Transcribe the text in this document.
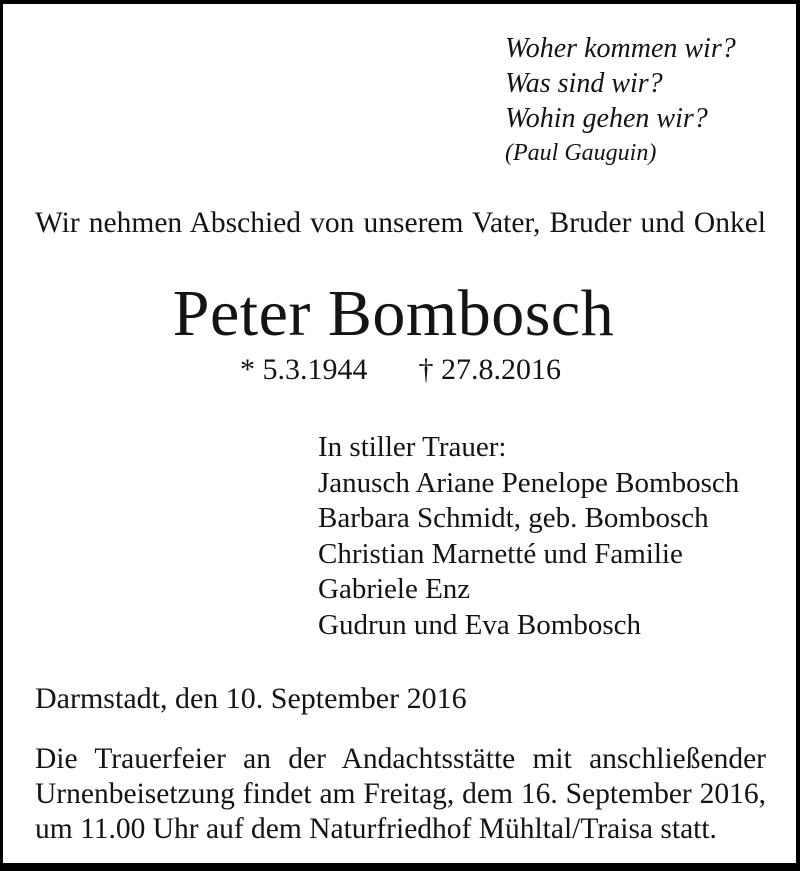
Woher kommen wir?
Was sind wir?
Wohin gehen wir?
(Paul Gauguin)
Wir nehmen Abschied von unserem Vater, Bruder und Onkel
Peter Bombosch
* 5.3.1944 † 27.8.2016
In stiller Trauer:
Janusch Ariane Penelope Bombosch
Barbara Schmidt, geb. Bombosch
Christian Marnetté und Familie
Gabriele Enz
Gudrun und Eva Bombosch
Darmstadt, den 10. September 2016
Die Trauerfeier an der Andachtsstätte mit anschließender
Urnenbeisetzung findet am Freitag, dem 16. September 2016,
um 11.00 Uhr auf dem Naturfriedhof Mühltal/Traisa statt.
